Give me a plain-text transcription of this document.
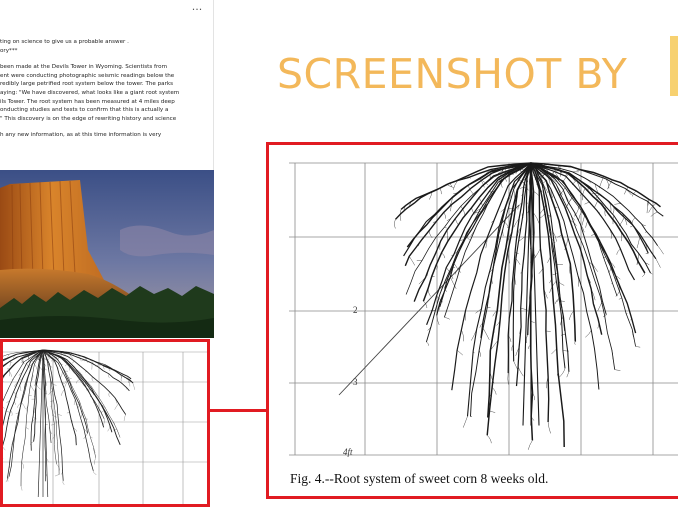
···
ting on science to give us a probable answer .
ory***
been made at the Devils Tower in Wyoming. Scientists from
ent were conducting photographic seismic readings below the
redibly large petrified root system below the tower. The parks
aying: "We have discovered, what looks like a giant root system
ils Tower. The root system has been measured at 4 miles deep
onducting studies and tests to confirm that this is actually a
" This discovery is on the edge of rewriting history and science
h any new information, as at this time information is very
SCREENSHOT BY
2
3
4ft
Fig. 4.--Root system of sweet corn 8 weeks old.
